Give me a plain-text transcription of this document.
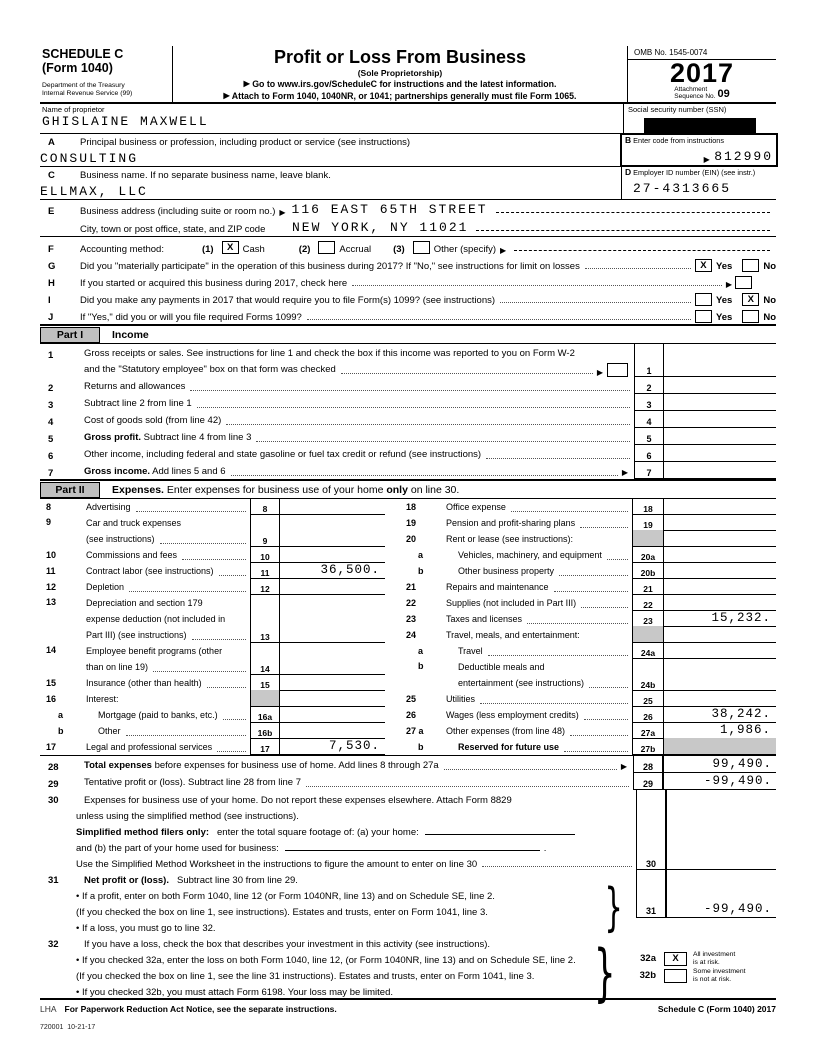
SCHEDULE C
(Form 1040)
Department of the Treasury
Internal Revenue Service (99)
Profit or Loss From Business
(Sole Proprietorship)
▶ Go to www.irs.gov/ScheduleC for instructions and the latest information.
▶ Attach to Form 1040, 1040NR, or 1041; partnerships generally must file Form 1065.
OMB No. 1545-0074
2017
Attachment
Sequence No. 09
Name of proprietor
GHISLAINE MAXWELL
Social security number (SSN)
A	Principal business or profession, including product or service (see instructions)
CONSULTING
B Enter code from instructions
▶
812990
C	Business name. If no separate business name, leave blank.
ELLMAX, LLC
D Employer ID number (EIN) (see instr.)
27-4313665
E	Business address (including suite or room no.) ▶ 116 EAST 65TH STREET
City, town or post office, state, and ZIP code	NEW YORK, NY 11021
F	Accounting method:	(1)	X Cash	(2)	Accrual (3)	Other (specify) ▶
G	Did you "materially participate" in the operation of this business during 2017? If "No," see instructions for limit on losses	X Yes	No
H	If you started or acquired this business during 2017, check here	▶
I	Did you make any payments in 2017 that would require you to file Form(s) 1099? (see instructions)	Yes	X No
J	If "Yes," did you or will you file required Forms 1099?	Yes	No
Part I	Income
1	Gross receipts or sales. See instructions for line 1 and check the box if this income was reported to you on Form W-2
and the "Statutory employee" box on that form was checked	▶	1
2	Returns and allowances	2
3	Subtract line 2 from line 1	3
4	Cost of goods sold (from line 42)	4
5	Gross profit. Subtract line 4 from line 3	5
6	Other income, including federal and state gasoline or fuel tax credit or refund (see instructions)	6
7	Gross income. Add lines 5 and 6	▶	7
Part II	Expenses. Enter expenses for business use of your home only on line 30.
8	Advertising	8
9	Car and truck expenses
(see instructions)	9
10	Commissions and fees	10
11	Contract labor (see instructions)	11	36,500.
12	Depletion	12
13	Depreciation and section 179
expense deduction (not included in
Part III) (see instructions)	13
14	Employee benefit programs (other
than on line 19)	14
15	Insurance (other than health)	15
16	Interest:
a	Mortgage (paid to banks, etc.)	16a
b	Other	16b
17	Legal and professional services	17	7,530.
18	Office expense	18
19	Pension and profit-sharing plans	19
20	Rent or lease (see instructions):
a	Vehicles, machinery, and equipment	20a
b	Other business property	20b
21	Repairs and maintenance	21
22	Supplies (not included in Part III)	22
23	Taxes and licenses	23	15,232.
24	Travel, meals, and entertainment:
a	Travel	24a
b	Deductible meals and
entertainment (see instructions)	24b
25	Utilities	25
26	Wages (less employment credits)	26	38,242.
27 a	Other expenses (from line 48)	27a	1,986.
b	Reserved for future use	27b
28	Total expenses before expenses for business use of home. Add lines 8 through 27a	▶	28	99,490.
29	Tentative profit or (loss). Subtract line 28 from line 7	29	-99,490.
30	Expenses for business use of your home. Do not report these expenses elsewhere. Attach Form 8829
unless using the simplified method (see instructions).
Simplified method filers only: enter the total square footage of: (a) your home:
and (b) the part of your home used for business:	.
Use the Simplified Method Worksheet in the instructions to figure the amount to enter on line 30	30
}
31	Net profit or (loss). Subtract line 30 from line 29.
• If a profit, enter on both Form 1040, line 12 (or Form 1040NR, line 13) and on Schedule SE, line 2.
(If you checked the box on line 1, see instructions). Estates and trusts, enter on Form 1041, line 3.
• If a loss, you must go to line 32.
31	-99,490.
}
32	If you have a loss, check the box that describes your investment in this activity (see instructions).
• If you checked 32a, enter the loss on both Form 1040, line 12, (or Form 1040NR, line 13) and on Schedule SE, line 2.
(If you checked the box on line 1, see the line 31 instructions). Estates and trusts, enter on Form 1041, line 3.
• If you checked 32b, you must attach Form 6198. Your loss may be limited.
32a	X	All investment
is at risk.
32b	Some investment
is not at risk.
LHA For Paperwork Reduction Act Notice, see the separate instructions.	Schedule C (Form 1040) 2017
720001 10-21-17
